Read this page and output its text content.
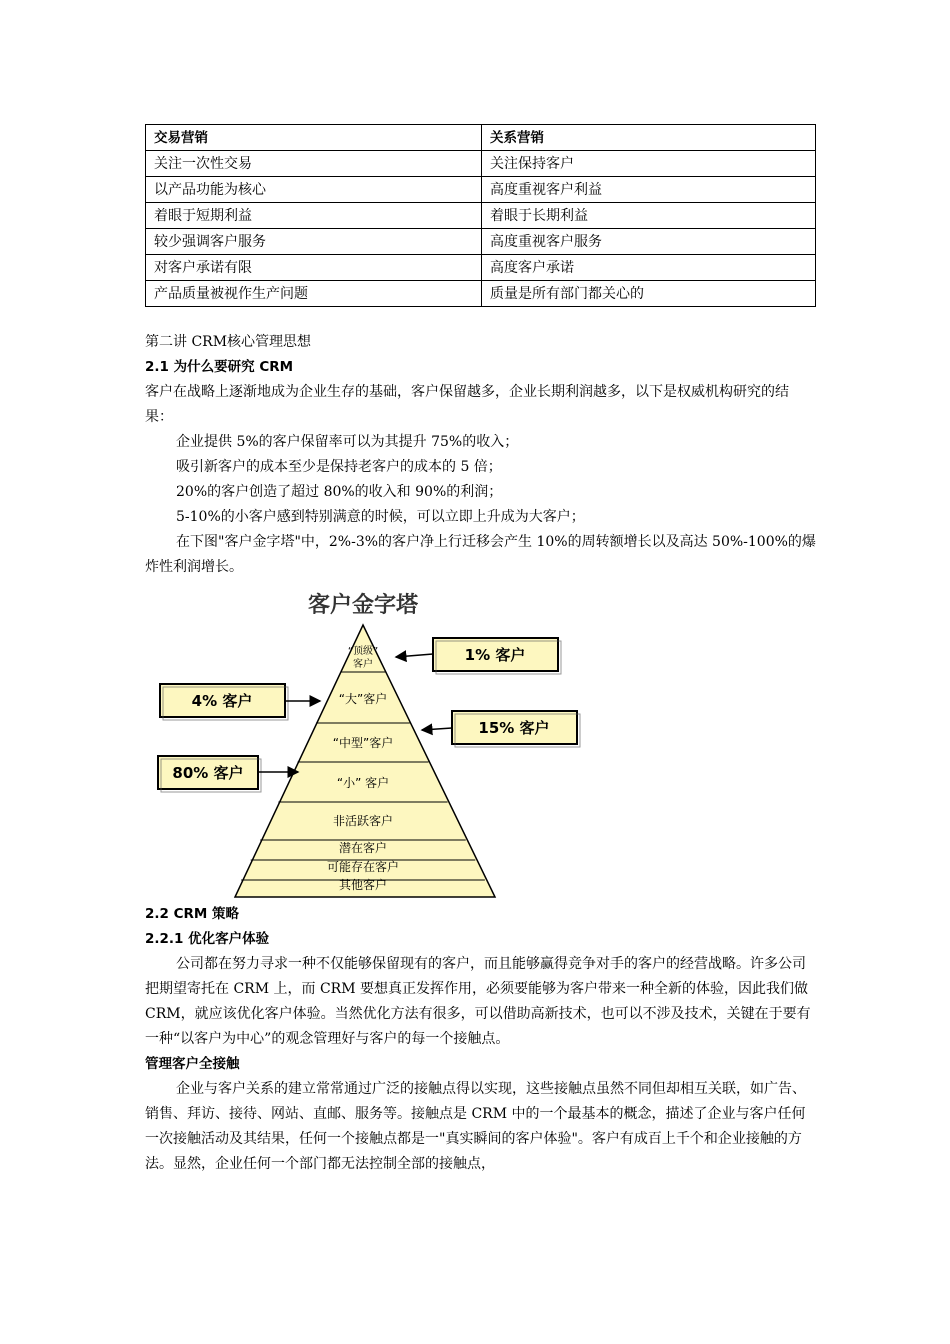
交易营销	关系营销
关注一次性交易	关注保持客户
以产品功能为核心	高度重视客户利益
着眼于短期利益	着眼于长期利益
较少强调客户服务	高度重视客户服务
对客户承诺有限	高度客户承诺
产品质量被视作生产问题	质量是所有部门都关心的

第二讲 CRM核心管理思想

2.1 为什么要研究 CRM

客户在战略上逐渐地成为企业生存的基础，客户保留越多，企业长期利润越多，以下是权威机构研究的结果：

企业提供 5%的客户保留率可以为其提升 75%的收入；

吸引新客户的成本至少是保持老客户的成本的 5 倍；

20%的客户创造了超过 80%的收入和 90%的利润；

5-10%的小客户感到特别满意的时候，可以立即上升成为大客户；

在下图"客户金字塔"中，2%-3%的客户净上行迁移会产生 10%的周转额增长以及高达 50%-100%的爆炸性利润增长。

客户金字塔
“顶级”客户
“大”客户
“中型”客户
“小” 客户
非活跃客户
潜在客户
可能存在客户
其他客户
1% 客户
4% 客户
15% 客户
80% 客户

2.2 CRM 策略

2.2.1 优化客户体验

公司都在努力寻求一种不仅能够保留现有的客户，而且能够赢得竞争对手的客户的经营战略。许多公司把期望寄托在 CRM 上，而 CRM 要想真正发挥作用，必须要能够为客户带来一种全新的体验，因此我们做 CRM，就应该优化客户体验。当然优化方法有很多，可以借助高新技术，也可以不涉及技术，关键在于要有一种“以客户为中心”的观念管理好与客户的每一个接触点。

管理客户全接触

企业与客户关系的建立常常通过广泛的接触点得以实现，这些接触点虽然不同但却相互关联，如广告、销售、拜访、接待、网站、直邮、服务等。接触点是 CRM 中的一个最基本的概念，描述了企业与客户任何一次接触活动及其结果，任何一个接触点都是一"真实瞬间的客户体验"。客户有成百上千个和企业接触的方法。显然，企业任何一个部门都无法控制全部的接触点，
